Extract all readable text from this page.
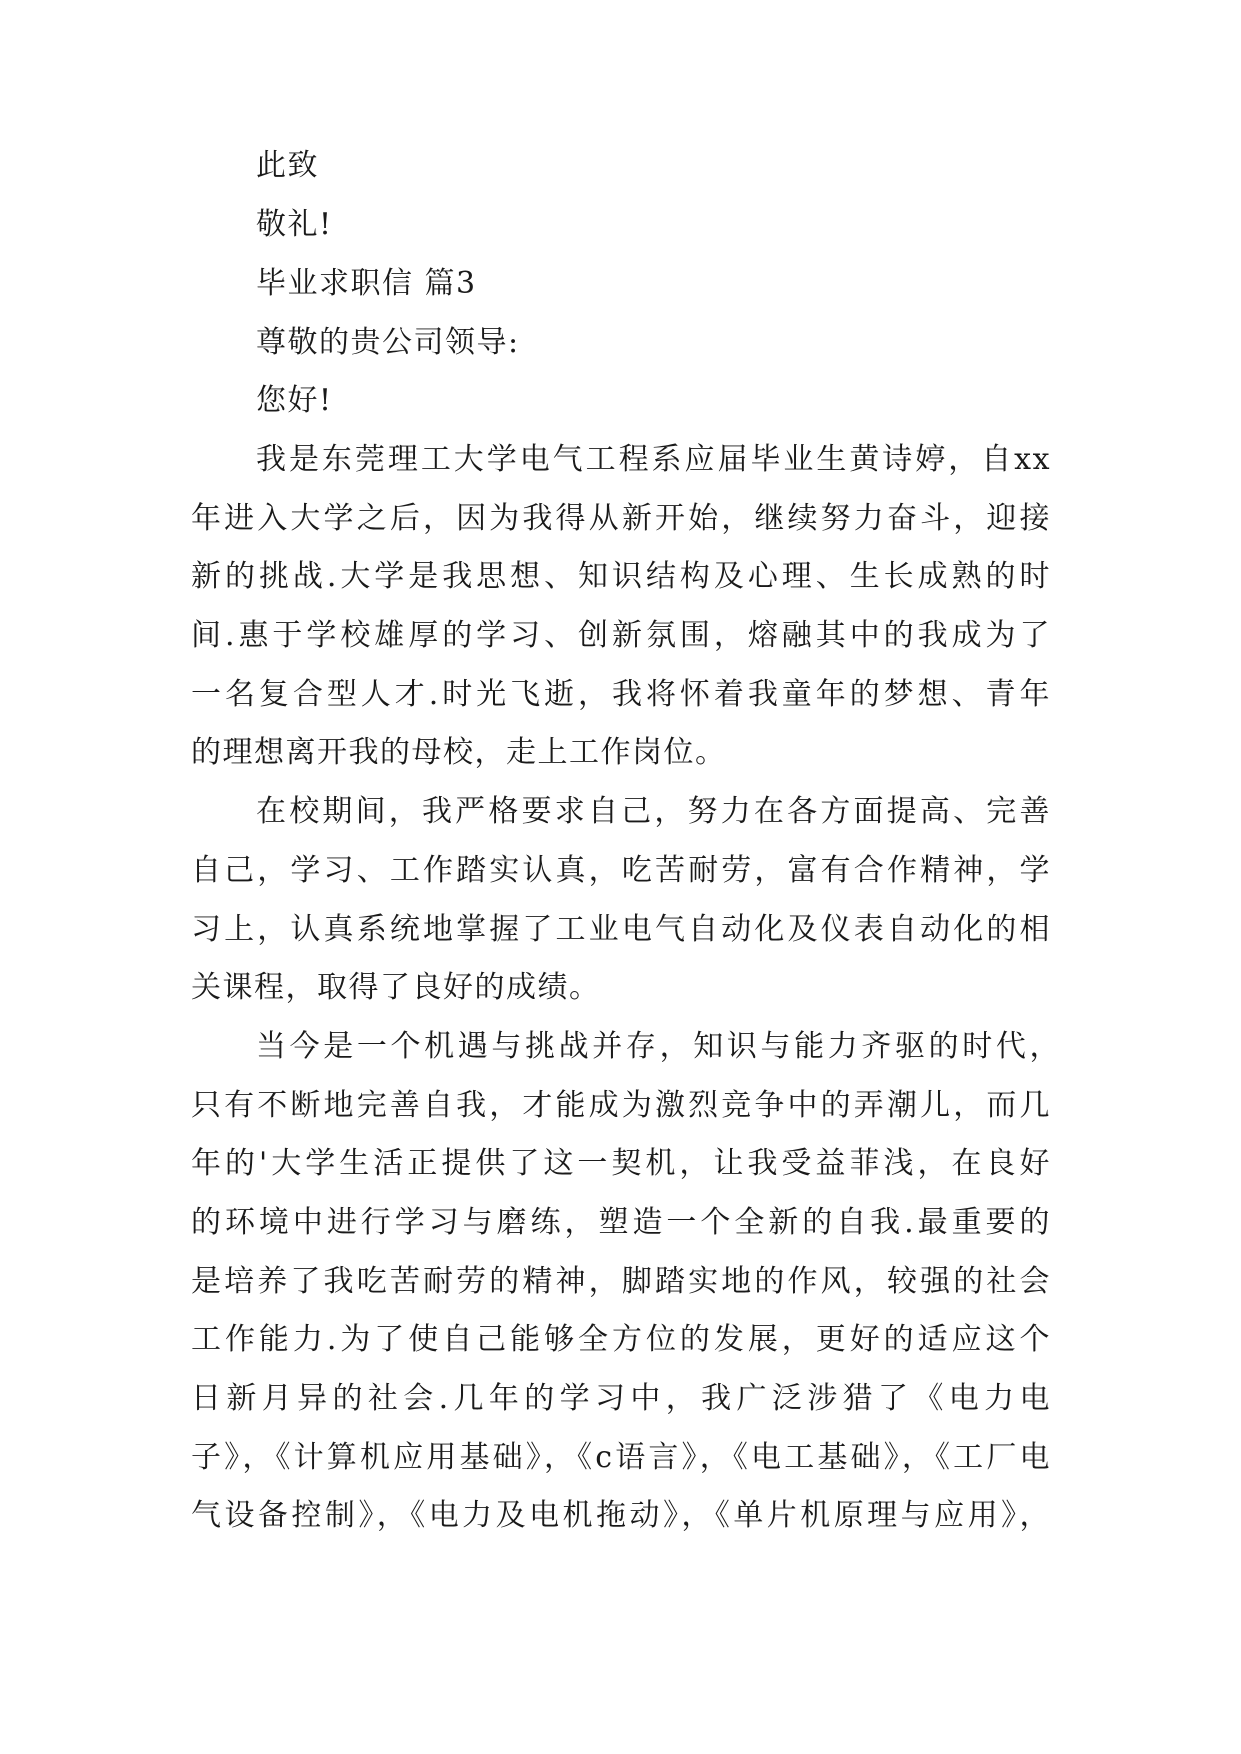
此致
敬礼!
毕业求职信 篇3
尊敬的贵公司领导:
您好!
我是东莞理工大学电气工程系应届毕业生黄诗婷，自xx
年进入大学之后，因为我得从新开始，继续努力奋斗，迎接
新的挑战.大学是我思想、知识结构及心理、生长成熟的时
间.惠于学校雄厚的学习、创新氛围，熔融其中的我成为了
一名复合型人才.时光飞逝，我将怀着我童年的梦想、青年
的理想离开我的母校，走上工作岗位。
在校期间，我严格要求自己，努力在各方面提高、完善
自己，学习、工作踏实认真，吃苦耐劳，富有合作精神，学
习上，认真系统地掌握了工业电气自动化及仪表自动化的相
关课程，取得了良好的成绩。
当今是一个机遇与挑战并存，知识与能力齐驱的时代，
只有不断地完善自我，才能成为激烈竞争中的弄潮儿，而几
年的'大学生活正提供了这一契机，让我受益菲浅，在良好
的环境中进行学习与磨练，塑造一个全新的自我.最重要的
是培养了我吃苦耐劳的精神，脚踏实地的作风，较强的社会
工作能力.为了使自己能够全方位的发展，更好的适应这个
日新月异的社会.几年的学习中，我广泛涉猎了《电力电
子》，《计算机应用基础》，《c语言》，《电工基础》，《工厂电
气设备控制》，《电力及电机拖动》，《单片机原理与应用》，
